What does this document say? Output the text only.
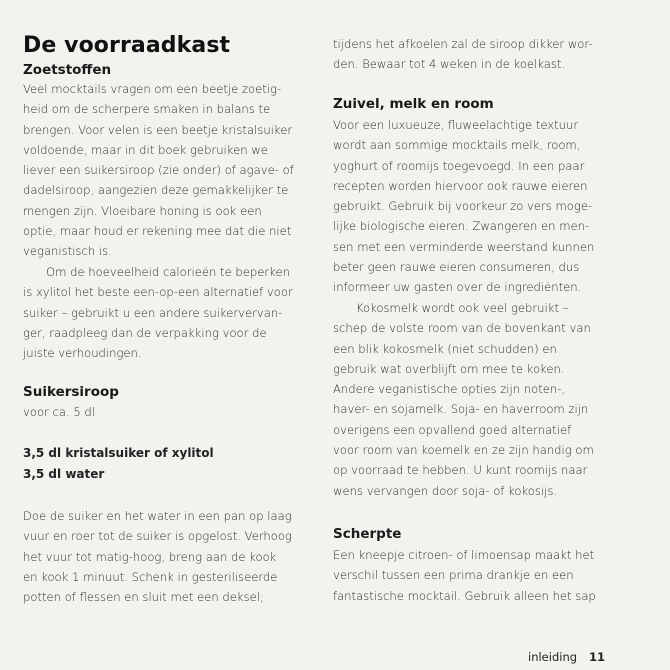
De voorraadkast
Zoetstoffen
Veel mocktails vragen om een beetje zoetig-
heid om de scherpere smaken in balans te
brengen. Voor velen is een beetje kristalsuiker
voldoende, maar in dit boek gebruiken we
liever een suikersiroop (zie onder) of agave- of
dadelsiroop, aangezien deze gemakkelijker te
mengen zijn. Vloeibare honing is ook een
optie, maar houd er rekening mee dat die niet
veganistisch is.
Om de hoeveelheid calorieën te beperken
is xylitol het beste een-op-een alternatief voor
suiker – gebruikt u een andere suikervervan-
ger, raadpleeg dan de verpakking voor de
juiste verhoudingen.
Suikersiroop
voor ca. 5 dl
3,5 dl kristalsuiker of xylitol
3,5 dl water
Doe de suiker en het water in een pan op laag
vuur en roer tot de suiker is opgelost. Verhoog
het vuur tot matig-hoog, breng aan de kook
en kook 1 minuut. Schenk in gesteriliseerde
potten of flessen en sluit met een deksel;
tijdens het afkoelen zal de siroop dikker wor-
den. Bewaar tot 4 weken in de koelkast.
Zuivel, melk en room
Voor een luxueuze, fluweelachtige textuur
wordt aan sommige mocktails melk, room,
yoghurt of roomijs toegevoegd. In een paar
recepten worden hiervoor ook rauwe eieren
gebruikt. Gebruik bij voorkeur zo vers moge-
lijke biologische eieren. Zwangeren en men-
sen met een verminderde weerstand kunnen
beter geen rauwe eieren consumeren, dus
informeer uw gasten over de ingrediënten.
Kokosmelk wordt ook veel gebruikt –
schep de volste room van de bovenkant van
een blik kokosmelk (niet schudden) en
gebruik wat overblijft om mee te koken.
Andere veganistische opties zijn noten-,
haver- en sojamelk. Soja- en haverroom zijn
overigens een opvallend goed alternatief
voor room van koemelk en ze zijn handig om
op voorraad te hebben. U kunt roomijs naar
wens vervangen door soja- of kokosijs.
Scherpte
Een kneepje citroen- of limoensap maakt het
verschil tussen een prima drankje en een
fantastische mocktail. Gebruik alleen het sap
inleiding 11
